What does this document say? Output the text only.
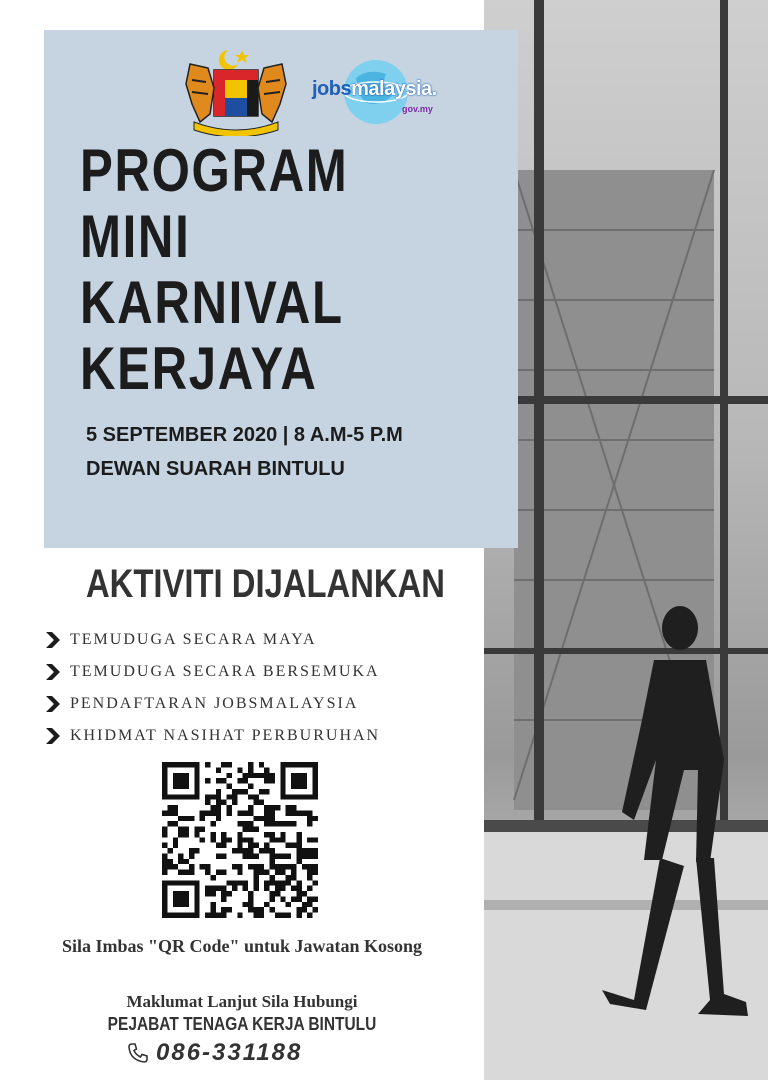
jobsmalaysia.
gov.my
PROGRAM
MINI
KARNIVAL
KERJAYA
5 SEPTEMBER 2020 | 8 A.M-5 P.M
DEWAN SUARAH BINTULU
AKTIVITI DIJALANKAN
TEMUDUGA SECARA MAYA
TEMUDUGA SECARA BERSEMUKA
PENDAFTARAN JOBSMALAYSIA
KHIDMAT NASIHAT PERBURUHAN
Sila Imbas "QR Code" untuk Jawatan Kosong
Maklumat Lanjut Sila Hubungi
PEJABAT TENAGA KERJA BINTULU
086-331188
